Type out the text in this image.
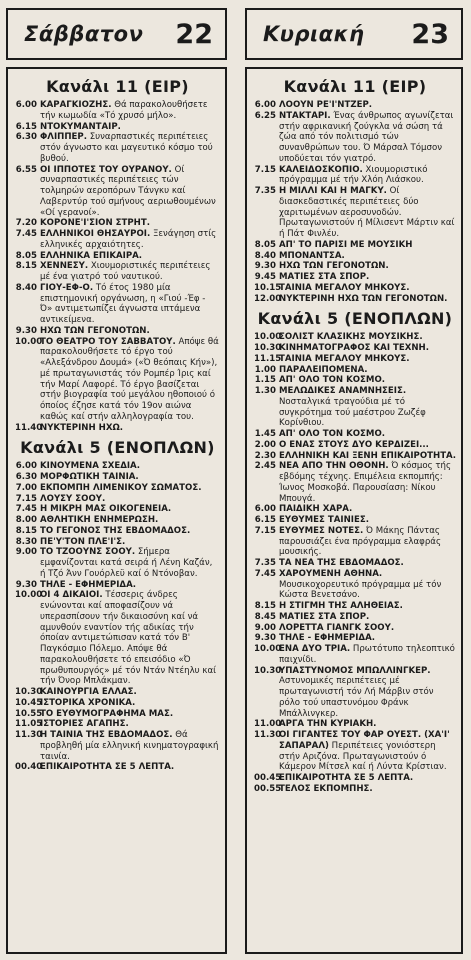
Σάββατον 22
Κανάλι 11 (ΕΙΡ)
6.00 ΚΑΡΑΓΚΙΟΖΗΣ. Θά παρακολουθήσετε τήν κωμωδία «Τό χρυσό μήλο».
6.15 ΝΤΟΚΥΜΑΝΤΑΙΡ.
6.30 ΦΛΙΠΠΕΡ. Συναρπαστικές περιπέτειες στόν άγνωστο και μαγευτικό κόσμο τού βυθού.
6.55 ΟΙ ΙΠΠΟΤΕΣ ΤΟΥ ΟΥΡΑΝΟΥ. Οί συναρπαστικές περιπέτειες τών τολμηρών αεροπόρων Τάνγκυ καί Λαβερντύρ τού σμήνους αεριωθουμένων «Οί γερανοί».
7.20 ΚΟΡΟΝΕ'Ι'ΣΙΟΝ ΣΤΡΗΤ.
7.45 ΕΛΛΗΝΙΚΟΙ ΘΗΣΑΥΡΟΙ. Ξενάγηση στίς ελληνικές αρχαιότητες.
8.05 ΕΛΛΗΝΙΚΑ ΕΠΙΚΑΙΡΑ.
8.15 ΧΕΝΝΕΣΥ. Χιουμοριστικές περιπέτειες μέ ένα γιατρό τού ναυτικού.
8.40 ΓΙΟΥ-ΕΦ-Ο. Τό έτος 1980 μία επιστημονική οργάνωση, η «Γιού -Έφ - Ό» αντιμετωπίζει άγνωστα ιπτάμενα αντικείμενα.
9.30 ΗΧΩ ΤΩΝ ΓΕΓΟΝΟΤΩΝ.
10.00
ΤΟ ΘΕΑΤΡΟ ΤΟΥ ΣΑΒΒΑΤΟΥ. Απόψε θά παρακολουθήσετε τό έργο τού «Αλεξάνδρου Δουμά» («Ό θεόπαις Κήν»), μέ πρωταγωνιστάς τόν Ρομπέρ Ίρις καί τήν Μαρί Λαφορέ. Τό έργο βασίζεται στήν βιογραφία τού μεγάλου ηθοποιού ό όποίος έζησε κατά τόν 19ον αιώνα καθώς καί στήν αλληλογραφία του.
11.40
ΝΥΚΤΕΡΙΝΗ ΗΧΩ.
Κανάλι 5 (ΕΝΟΠΛΩΝ)
6.00 ΚΙΝΟΥΜΕΝΑ ΣΧΕΔΙΑ.
6.30 ΜΟΡΦΩΤΙΚΗ ΤΑΙΝΙΑ.
7.00 ΕΚΠΟΜΠΗ ΛΙΜΕΝΙΚΟΥ ΣΩΜΑΤΟΣ.
7.15 ΛΟΥΣΥ ΣΟΟΥ.
7.45 Η ΜΙΚΡΗ ΜΑΣ ΟΙΚΟΓΕΝΕΙΑ.
8.00 ΑΘΛΗΤΙΚΗ ΕΝΗΜΕΡΩΣΗ.
8.15 ΤΟ ΓΕΓΟΝΟΣ ΤΗΣ ΕΒΔΟΜΑΔΟΣ.
8.30 ΠΕ'Υ'ΤΟΝ ΠΛΕ'Ι'Σ.
9.00 ΤΟ ΤΖΟΟΥΝΣ ΣΟΟΥ. Σήμερα εμφανίζονται κατά σειρά ή Λένη Καζάν, ή Τζό Άνν Γουόρλεϋ καί ό Ντόνοβαν.
9.30 ΤΗΛΕ - ΕΦΗΜΕΡΙΔΑ.
10.00
ΟΙ 4 ΔΙΚΑΙΟΙ. Τέσσερις άνδρες ενώνονται καί αποφασίζουν νά υπερασπίσουν τήν δικαιοσύνη καί νά αμυνθούν εναντίον τής αδικίας τήν όποίαν αντιμετώπισαν κατά τόν Β' Παγκόσμιο Πόλεμο. Απόψε θά παρακολουθήσετε τό επεισόδιο «Ό πρωθυπουργός» μέ τόν Ντάν Ντέηλυ καί τήν Όνορ Μπλάκμαν.
10.30
ΚΑΙΝΟΥΡΓΙΑ ΕΛΛΑΣ.
10.45
ΙΣΤΟΡΙΚΑ ΧΡΟΝΙΚΑ.
10.55
ΤΟ ΕΥΘΥΜΟΓΡΑΦΗΜΑ ΜΑΣ.
11.05
ΙΣΤΟΡΙΕΣ ΑΓΑΠΗΣ.
11.30
Η ΤΑΙΝΙΑ ΤΗΣ ΕΒΔΟΜΑΔΟΣ. Θά προβληθή μία ελληνική κινηματογραφική ταινία.
00.40
ΕΠΙΚΑΙΡΟΤΗΤΑ ΣΕ 5 ΛΕΠΤΑ.
Κυριακή 23
Κανάλι 11 (ΕΙΡ)
6.00 ΛΟΟΥΝ ΡΕ'Ι'ΝΤΖΕΡ.
6.25 ΝΤΑΚΤΑΡΙ. Ένας άνθρωπος αγωνίζεται στήν αφρικανική ζούγκλα νά σώση τά ζώα από τόν πολιτισμό τών συνανθρώπων του. Ό Μάρσαλ Τόμσον υποδύεται τόν γιατρό.
7.15 ΚΑΛΕΙΔΟΣΚΟΠΙΟ. Χιουμοριστικό πρόγραμμα μέ τήν Χλόη Λιάσκου.
7.35 Η ΜΙΛΛΙ ΚΑΙ Η ΜΑΓΚΥ. Οί διασκεδαστικές περιπέτειες δύο χαριτωμένων αεροσυνοδών. Πρωταγωνιστούν ή Μίλισεντ Μάρτιν καί ή Πάτ Φινλέυ.
8.05 ΑΠ' ΤΟ ΠΑΡΙΣΙ ΜΕ ΜΟΥΣΙΚΗ
8.40 ΜΠΟΝΑΝΤΣΑ.
9.30 ΗΧΩ ΤΩΝ ΓΕΓΟΝΟΤΩΝ.
9.45 ΜΑΤΙΕΣ ΣΤΑ ΣΠΟΡ.
10.15
ΤΑΙΝΙΑ ΜΕΓΑΛΟΥ ΜΗΚΟΥΣ.
12.00
ΝΥΚΤΕΡΙΝΗ ΗΧΩ ΤΩΝ ΓΕΓΟΝΟΤΩΝ.
Κανάλι 5 (ΕΝΟΠΛΩΝ)
10.00
ΣΟΛΙΣΤ ΚΛΑΣΙΚΗΣ ΜΟΥΣΙΚΗΣ.
10.30
ΚΙΝΗΜΑΤΟΓΡΑΦΟΣ ΚΑΙ ΤΕΧΝΗ.
11.15
ΤΑΙΝΙΑ ΜΕΓΑΛΟΥ ΜΗΚΟΥΣ.
1.00 ΠΑΡΑΛΕΙΠΟΜΕΝΑ.
1.15 ΑΠ' ΟΛΟ ΤΟΝ ΚΟΣΜΟ.
1.30 ΜΕΛΩΔΙΚΕΣ ΑΝΑΜΝΗΣΕΙΣ. Νοσταλγικά τραγούδια μέ τό συγκρότημα τού μαέστρου Ζωζέφ Κορίνθιου.
1.45 ΑΠ' ΟΛΟ ΤΟΝ ΚΟΣΜΟ.
2.00 Ο ΕΝΑΣ ΣΤΟΥΣ ΔΥΟ ΚΕΡΔΙΖΕΙ...
2.30 ΕΛΛΗΝΙΚΗ ΚΑΙ ΞΕΝΗ ΕΠΙΚΑΙΡΟΤΗΤΑ.
2.45 ΝΕΑ ΑΠΟ ΤΗΝ ΟΘΟΝΗ. Ό κόσμος τής εβδόμης τέχνης. Επιμέλεια εκπομπής: Ίωνος Μοσκοβά. Παρουσίαση: Νίκου Μπουγά.
6.00 ΠΑΙΔΙΚΗ ΧΑΡΑ.
6.15 ΕΥΘΥΜΕΣ ΤΑΙΝΙΕΣ.
7.15 ΕΥΘΥΜΕΣ ΝΟΤΕΣ. Ό Μάκης Πάντας παρουσιάζει ένα πρόγραμμα ελαφράς μουσικής.
7.35 ΤΑ ΝΕΑ ΤΗΣ ΕΒΔΟΜΑΔΟΣ.
7.45 ΧΑΡΟΥΜΕΝΗ ΑΘΗΝΑ. Μουσικοχορευτικό πρόγραμμα μέ τόν Κώστα Βενετσάνο.
8.15 Η ΣΤΙΓΜΗ ΤΗΣ ΑΛΗΘΕΙΑΣ.
8.45 ΜΑΤΙΕΣ ΣΤΑ ΣΠΟΡ.
9.00 ΛΟΡΕΤΤΑ ΓΙΑΝΓΚ ΣΟΟΥ.
9.30 ΤΗΛΕ - ΕΦΗΜΕΡΙΔΑ.
10.00
ΕΝΑ ΔΥΟ ΤΡΙΑ. Πρωτότυπο τηλεοπτικό παιχνίδι.
10.30
ΥΠΑΣΤΥΝΟΜΟΣ ΜΠΩΛΛΙΝΓΚΕΡ. Αστυνομικές περιπέτειες μέ πρωταγωνιστή τόν Λή Μάρβιν στόν ρόλο τού υπαστυνόμου Φράνκ Μπάλλινγκερ.
11.00
ΑΡΓΑ ΤΗΝ ΚΥΡΙΑΚΗ.
11.30
ΟΙ ΓΙΓΑΝΤΕΣ ΤΟΥ ΦΑΡ ΟΥΕΣΤ. (ΧΑ'Ι' ΣΑΠΑΡΑΛ) Περιπέτειες γονιόστερη στήν Αριζόνα. Πρωταγωνιστούν ό Κάμερον Μίτσελ καί ή Λύντα Κρίστιαν.
00.45
ΕΠΙΚΑΙΡΟΤΗΤΑ ΣΕ 5 ΛΕΠΤΑ.
00.55
ΤΕΛΟΣ ΕΚΠΟΜΠΗΣ.
